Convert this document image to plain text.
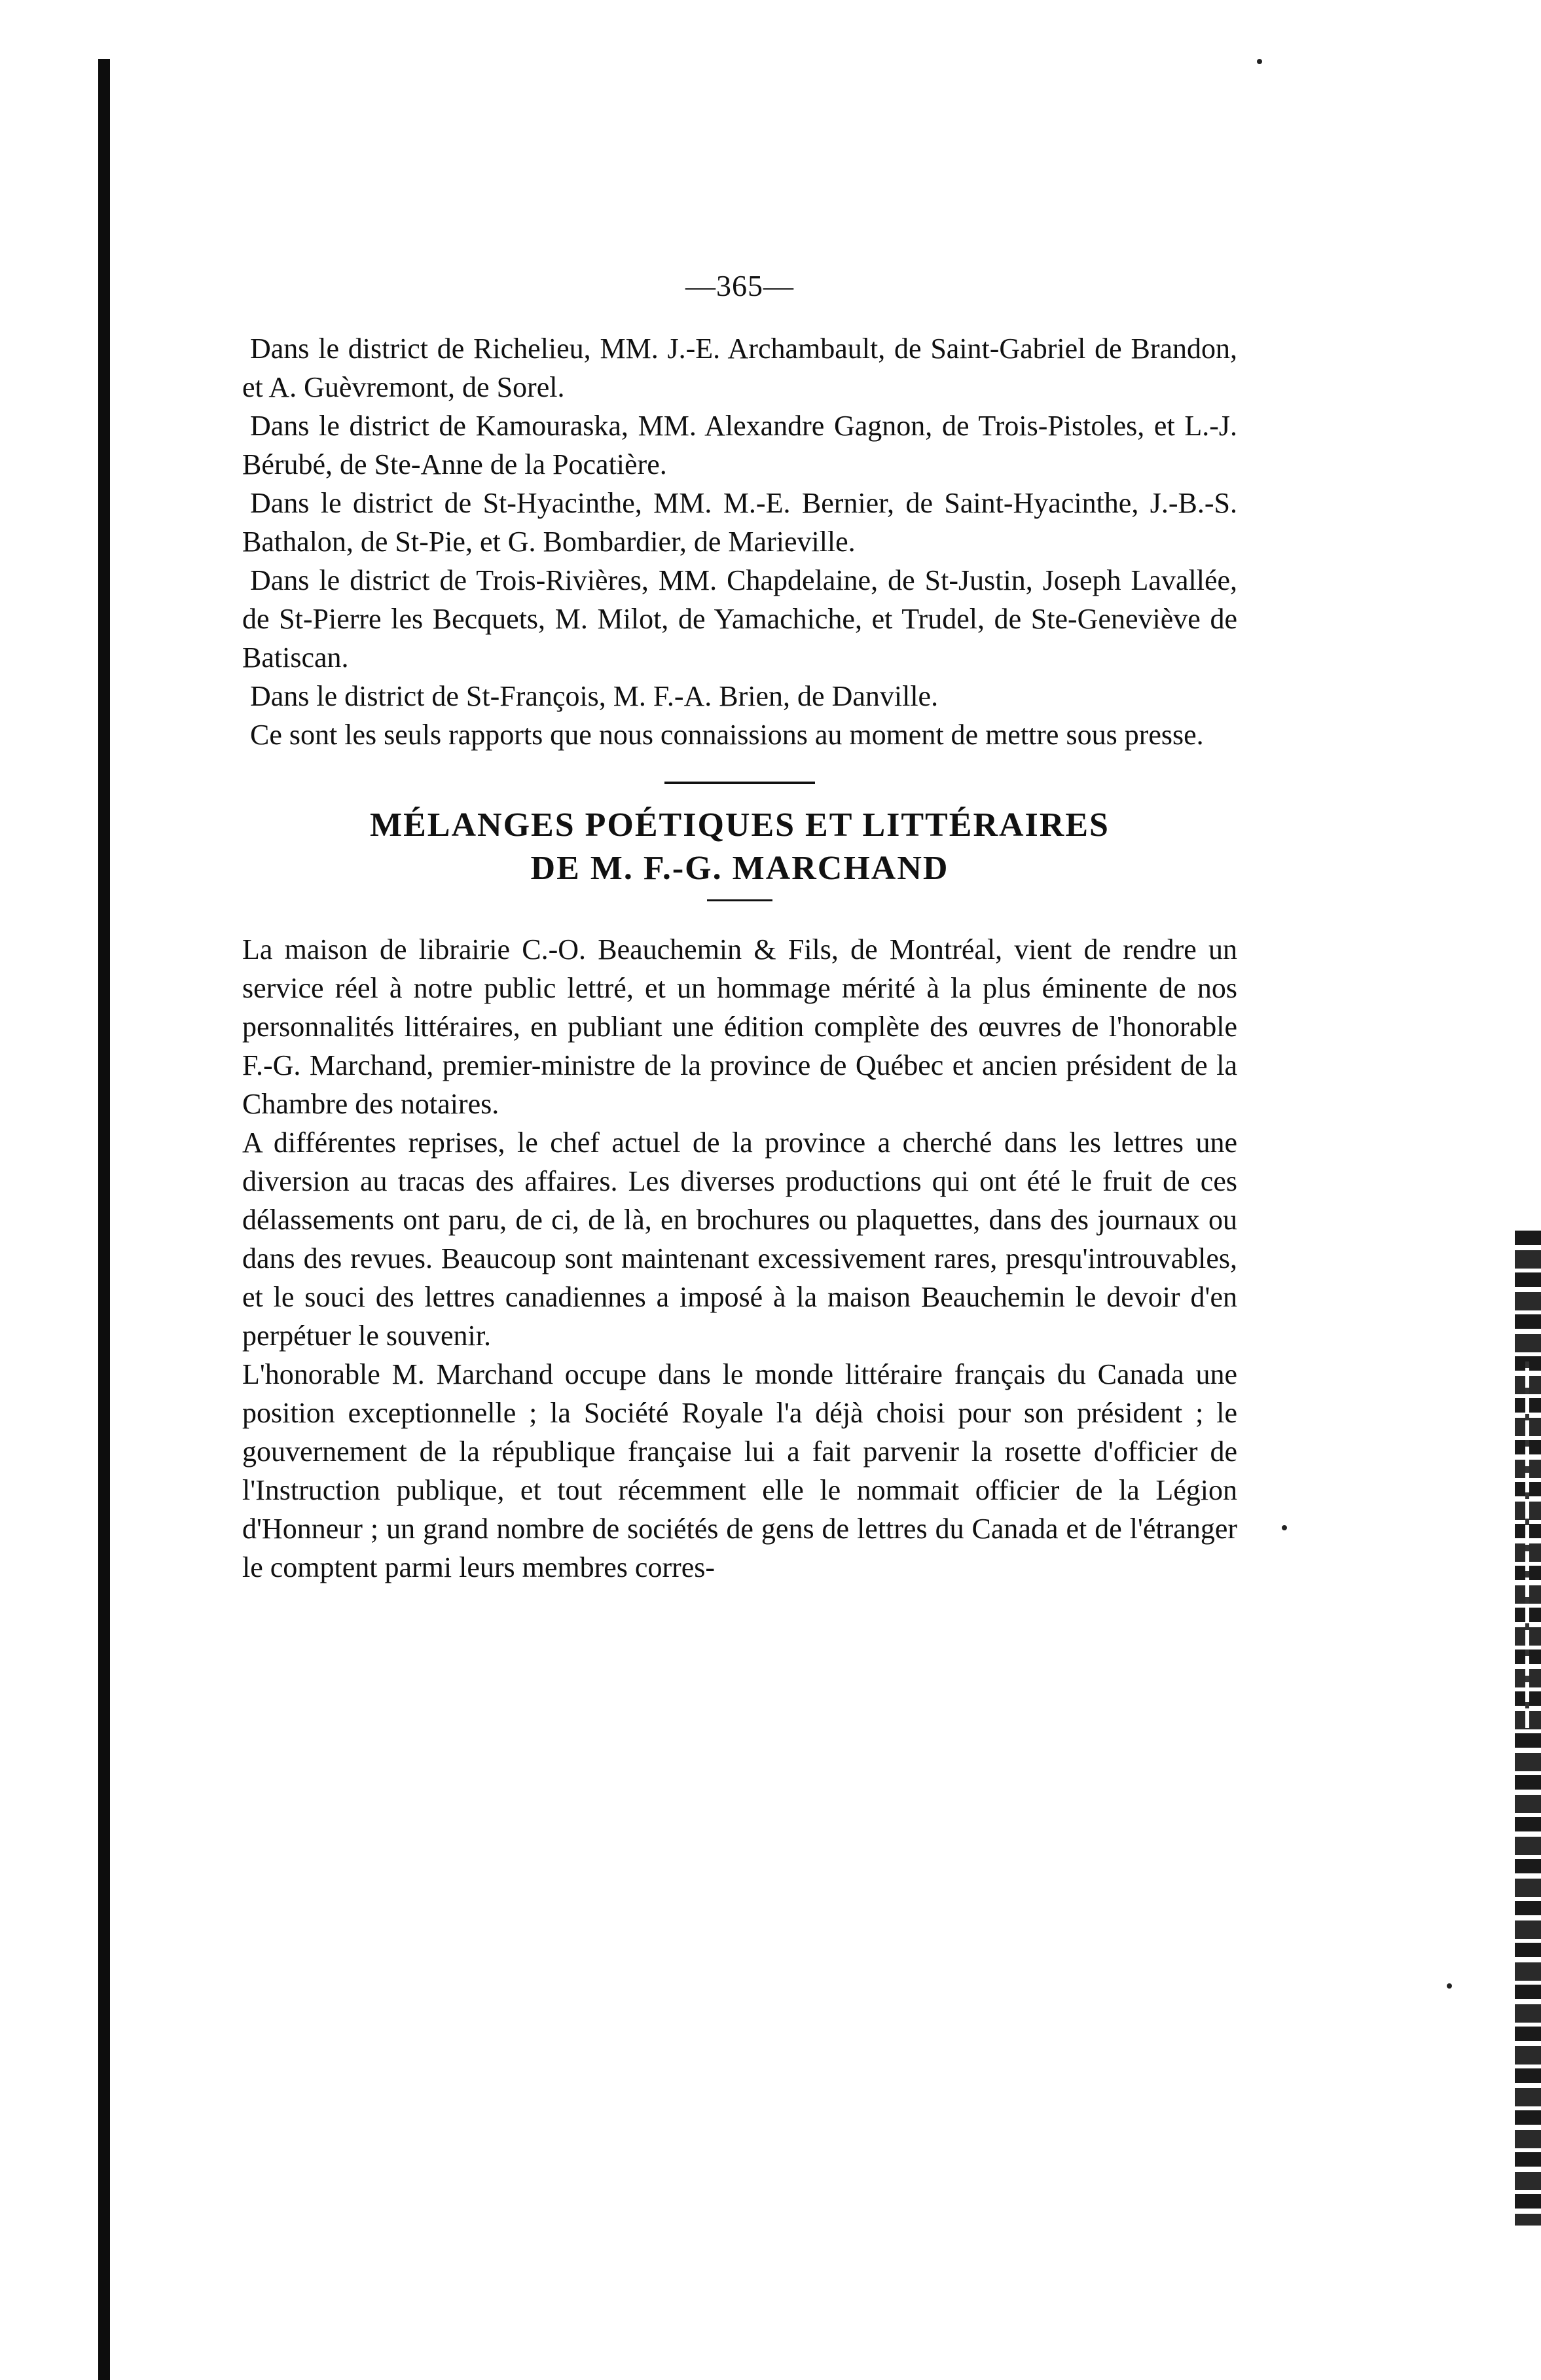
—365—

Dans le district de Richelieu, MM. J.-E. Archambault, de Saint-Gabriel de Brandon, et A. Guèvremont, de Sorel.

Dans le district de Kamouraska, MM. Alexandre Gagnon, de Trois-Pistoles, et L.-J. Bérubé, de Ste-Anne de la Pocatière.

Dans le district de St-Hyacinthe, MM. M.-E. Bernier, de Saint-Hyacinthe, J.-B.-S. Bathalon, de St-Pie, et G. Bombardier, de Marieville.

Dans le district de Trois-Rivières, MM. Chapdelaine, de St-Justin, Joseph Lavallée, de St-Pierre les Becquets, M. Milot, de Yamachiche, et Trudel, de Ste-Geneviève de Batiscan.

Dans le district de St-François, M. F.-A. Brien, de Danville.

Ce sont les seuls rapports que nous connaissions au moment de mettre sous presse.

MÉLANGES POÉTIQUES ET LITTÉRAIRES
DE M. F.-G. MARCHAND

La maison de librairie C.-O. Beauchemin & Fils, de Montréal, vient de rendre un service réel à notre public lettré, et un hommage mérité à la plus éminente de nos personnalités littéraires, en publiant une édition complète des œuvres de l'honorable F.-G. Marchand, premier-ministre de la province de Québec et ancien président de la Chambre des notaires.

A différentes reprises, le chef actuel de la province a cherché dans les lettres une diversion au tracas des affaires. Les diverses productions qui ont été le fruit de ces délassements ont paru, de ci, de là, en brochures ou plaquettes, dans des journaux ou dans des revues. Beaucoup sont maintenant excessivement rares, presqu'introuvables, et le souci des lettres canadiennes a imposé à la maison Beauchemin le devoir d'en perpétuer le souvenir.

L'honorable M. Marchand occupe dans le monde littéraire français du Canada une position exceptionnelle ; la Société Royale l'a déjà choisi pour son président ; le gouvernement de la république française lui a fait parvenir la rosette d'officier de l'Instruction publique, et tout récemment elle le nommait officier de la Légion d'Honneur ; un grand nombre de sociétés de gens de lettres du Canada et de l'étranger le comptent parmi leurs membres corres-
